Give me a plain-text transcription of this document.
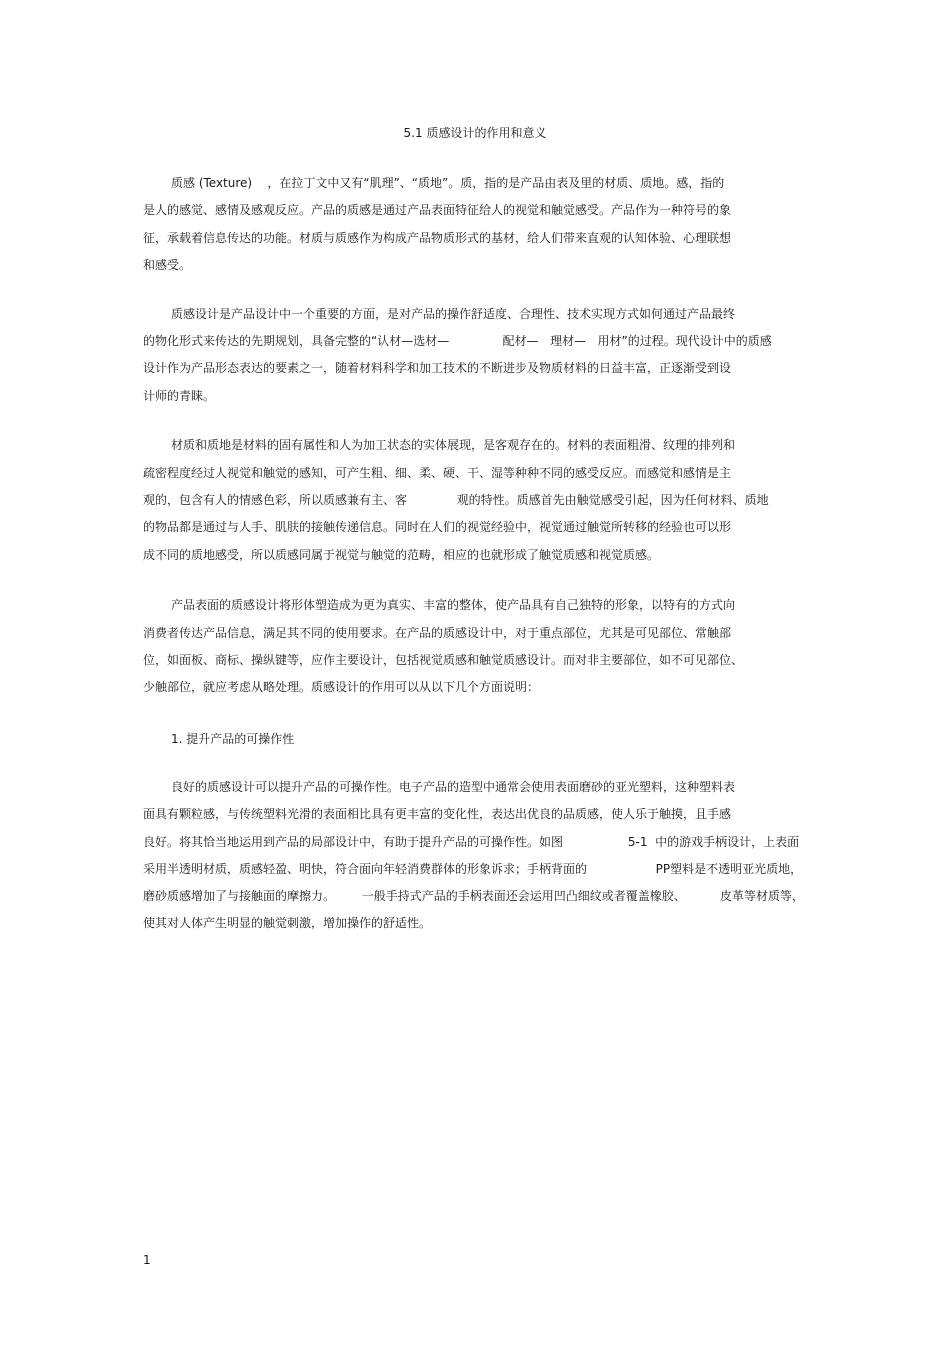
5.1 质感设计的作用和意义
质感 (Texture)    ，在拉丁文中又有“肌理”、“质地”。质，指的是产品由表及里的材质、质地。感，指的
是人的感觉、感情及感观反应。产品的质感是通过产品表面特征给人的视觉和触觉感受。产品作为一种符号的象
征，承载着信息传达的功能。材质与质感作为构成产品物质形式的基材，给人们带来直观的认知体验、心理联想
和感受。
质感设计是产品设计中一个重要的方面，是对产品的操作舒适度、合理性、技术实现方式如何通过产品最终
的物化形式来传达的先期规划，具备完整的“认材—选材—              配材—   理材—   用材”的过程。现代设计中的质感
设计作为产品形态表达的要素之一，随着材料科学和加工技术的不断进步及物质材料的日益丰富，正逐渐受到设
计师的青睐。
材质和质地是材料的固有属性和人为加工状态的实体展现，是客观存在的。材料的表面粗滑、纹理的排列和
疏密程度经过人视觉和触觉的感知，可产生粗、细、柔、硬、干、湿等种种不同的感受反应。而感觉和感情是主
观的，包含有人的情感色彩，所以质感兼有主、客             观的特性。质感首先由触觉感受引起，因为任何材料、质地
的物品都是通过与人手、肌肤的接触传递信息。同时在人们的视觉经验中，视觉通过触觉所转移的经验也可以形
成不同的质地感受，所以质感同属于视觉与触觉的范畴，相应的也就形成了触觉质感和视觉质感。
产品表面的质感设计将形体塑造成为更为真实、丰富的整体，使产品具有自己独特的形象，以特有的方式向
消费者传达产品信息，满足其不同的使用要求。在产品的质感设计中，对于重点部位，尤其是可见部位、常触部
位，如面板、商标、操纵键等，应作主要设计，包括视觉质感和触觉质感设计。而对非主要部位，如不可见部位、
少触部位，就应考虑从略处理。质感设计的作用可以从以下几个方面说明：
1. 提升产品的可操作性
良好的质感设计可以提升产品的可操作性。电子产品的造型中通常会使用表面磨砂的亚光塑料，这种塑料表
面具有颗粒感，与传统塑料光滑的表面相比具有更丰富的变化性，表达出优良的品质感，使人乐于触摸，且手感
良好。将其恰当地运用到产品的局部设计中，有助于提升产品的可操作性。如图                 5-1  中的游戏手柄设计，上表面
采用半透明材质，质感轻盈、明快，符合面向年轻消费群体的形象诉求；手柄背面的                  PP塑料是不透明亚光质地，
磨砂质感增加了与接触面的摩擦力。       一般手持式产品的手柄表面还会运用凹凸细纹或者覆盖橡胶、         皮革等材质等，
使其对人体产生明显的触觉刺激，增加操作的舒适性。
1
